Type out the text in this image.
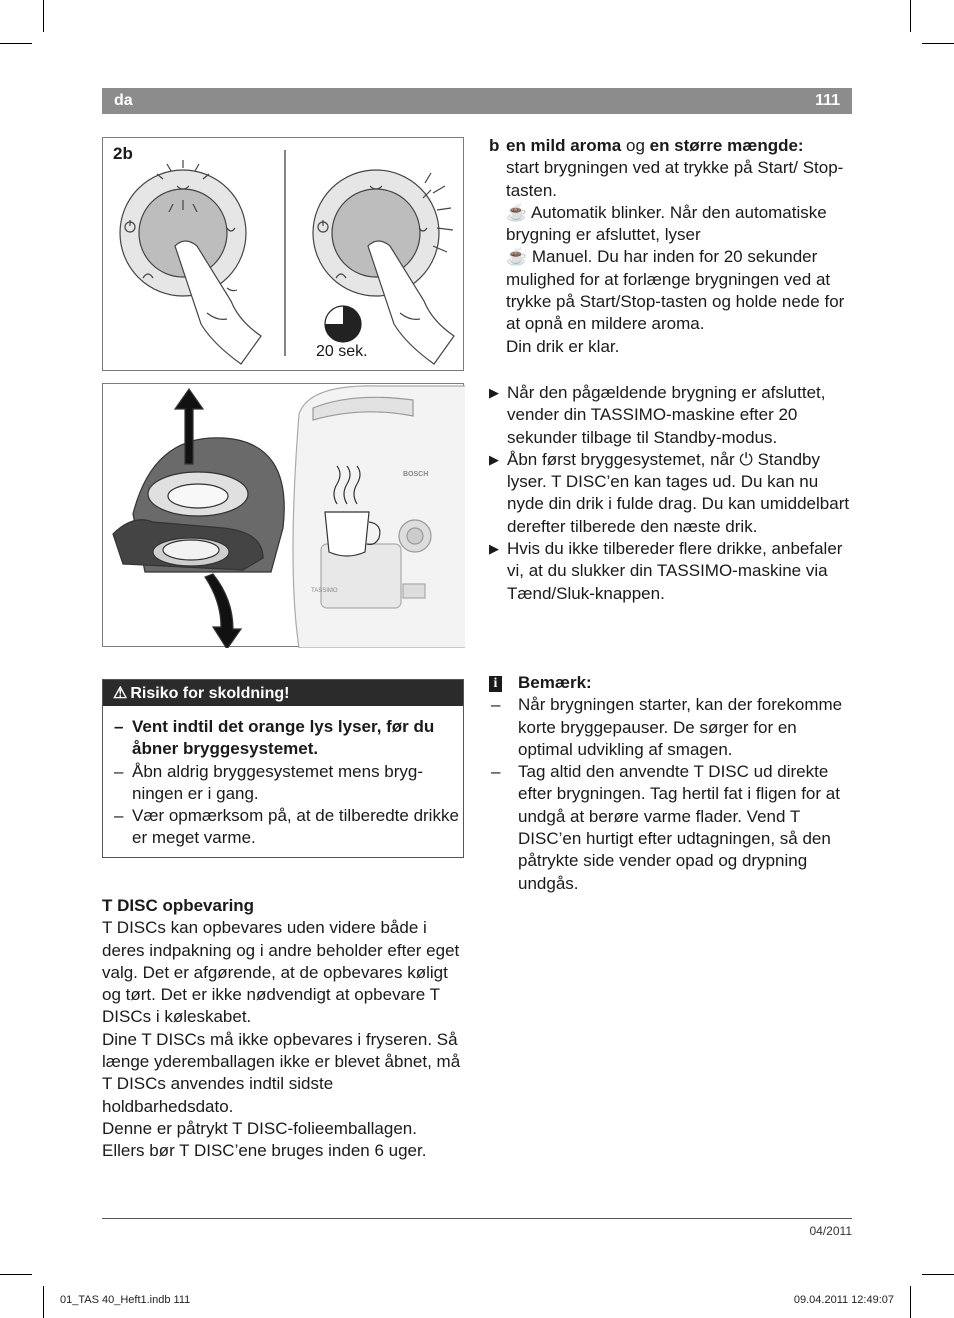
da	111
2b
20 sek.
BOSCH
TASSIMO
⚠ Risiko for skoldning!
– Vent indtil det orange lys lyser, før du åbner bryggesystemet.
– Åbn aldrig bryggesystemet mens bryg-ningen er i gang.
– Vær opmærksom på, at de tilberedte drikke er meget varme.
T DISC opbevaring
T DISCs kan opbevares uden videre både i deres indpakning og i andre beholder efter eget valg. Det er afgørende, at de opbevares køligt og tørt. Det er ikke nødvendigt at opbevare T DISCs i køleskabet.
Dine T DISCs må ikke opbevares i fryseren. Så længe yderemballagen ikke er blevet åbnet, må T DISCs anvendes indtil sidste holdbarhedsdato.
Denne er påtrykt T DISC-folieemballagen. Ellers bør T DISC’ene bruges inden 6 uger.
b en mild aroma og en større mængde:
start brygningen ved at trykke på Start/ Stop-tasten.
☕ Automatik blinker. Når den automatiske brygning er afsluttet, lyser
☕ Manuel. Du har inden for 20 sekunder mulighed for at forlænge brygningen ved at trykke på Start/Stop-tasten og holde nede for at opnå en mildere aroma.
Din drik er klar.
▶ Når den pågældende brygning er afsluttet, vender din TASSIMO-maskine efter 20 sekunder tilbage til Standby-modus.
▶ Åbn først bryggesystemet, når ⏻ Standby lyser. T DISC’en kan tages ud. Du kan nu nyde din drik i fulde drag. Du kan umiddelbart derefter tilberede den næste drik.
▶ Hvis du ikke tilbereder flere drikke, anbefaler vi, at du slukker din TASSIMO-maskine via Tænd/Sluk-knappen.
i	Bemærk:
– Når brygningen starter, kan der forekomme korte bryggepauser. De sørger for en optimal udvikling af smagen.
– Tag altid den anvendte T DISC ud direkte efter brygningen. Tag hertil fat i fligen for at undgå at berøre varme flader. Vend T DISC’en hurtigt efter udtagningen, så den påtrykte side vender opad og drypning undgås.
04/2011
01_TAS 40_Heft1.indb 111	09.04.2011 12:49:07
